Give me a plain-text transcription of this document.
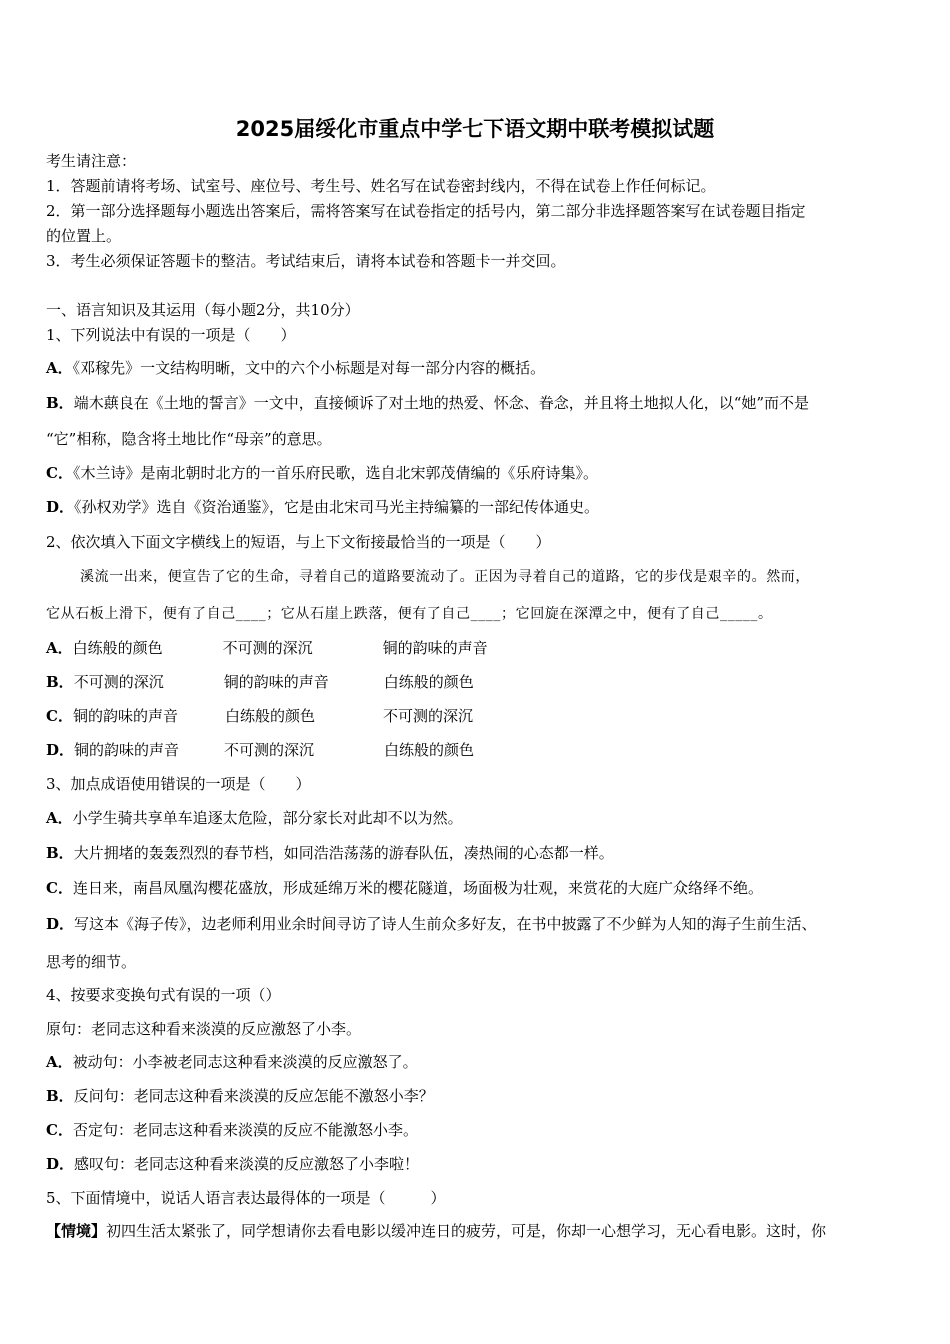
2025届绥化市重点中学七下语文期中联考模拟试题
考生请注意：
1．答题前请将考场、试室号、座位号、考生号、姓名写在试卷密封线内，不得在试卷上作任何标记。
2．第一部分选择题每小题选出答案后，需将答案写在试卷指定的括号内，第二部分非选择题答案写在试卷题目指定
的位置上。
3．考生必须保证答题卡的整洁。考试结束后，请将本试卷和答题卡一并交回。
一、语言知识及其运用（每小题2分，共10分）
1、下列说法中有误的一项是（　　）
A．《邓稼先》一文结构明晰，文中的六个小标题是对每一部分内容的概括。
B．端木蕻良在《土地的誓言》一文中，直接倾诉了对土地的热爱、怀念、眷念，并且将土地拟人化，以“她”而不是
“它”相称，隐含将土地比作“母亲”的意思。
C．《木兰诗》是南北朝时北方的一首乐府民歌，选自北宋郭茂倩编的《乐府诗集》。
D．《孙权劝学》选自《资治通鉴》，它是由北宋司马光主持编纂的一部纪传体通史。
2、依次填入下面文字横线上的短语，与上下文衔接最恰当的一项是（　　）
溪流一出来，便宣告了它的生命，寻着自己的道路要流动了。正因为寻着自己的道路，它的步伐是艰辛的。然而，
它从石板上滑下，便有了自己____；它从石崖上跌落，便有了自己____；它回旋在深潭之中，便有了自己_____。
A．白练般的颜色	不可测的深沉	铜的韵味的声音
B．不可测的深沉	铜的韵味的声音	白练般的颜色
C．铜的韵味的声音	白练般的颜色	不可测的深沉
D．铜的韵味的声音	不可测的深沉	白练般的颜色
3、加点成语使用错误的一项是（　　）
A．小学生骑共享单车追逐太危险，部分家长对此却不以为然。
B．大片拥堵的轰轰烈烈的春节档，如同浩浩荡荡的游春队伍，凑热闹的心态都一样。
C．连日来，南昌凤凰沟樱花盛放，形成延绵万米的樱花隧道，场面极为壮观，来赏花的大庭广众络绎不绝。
D．写这本《海子传》，边老师利用业余时间寻访了诗人生前众多好友，在书中披露了不少鲜为人知的海子生前生活、
思考的细节。
4、按要求变换句式有误的一项（）
原句：老同志这种看来淡漠的反应激怒了小李。
A．被动句：小李被老同志这种看来淡漠的反应激怒了。
B．反问句：老同志这种看来淡漠的反应怎能不激怒小李？
C．否定句：老同志这种看来淡漠的反应不能激怒小李。
D．感叹句：老同志这种看来淡漠的反应激怒了小李啦！
5、下面情境中，说话人语言表达最得体的一项是（　　　）
【情境】初四生活太紧张了，同学想请你去看电影以缓冲连日的疲劳，可是，你却一心想学习，无心看电影。这时，你
